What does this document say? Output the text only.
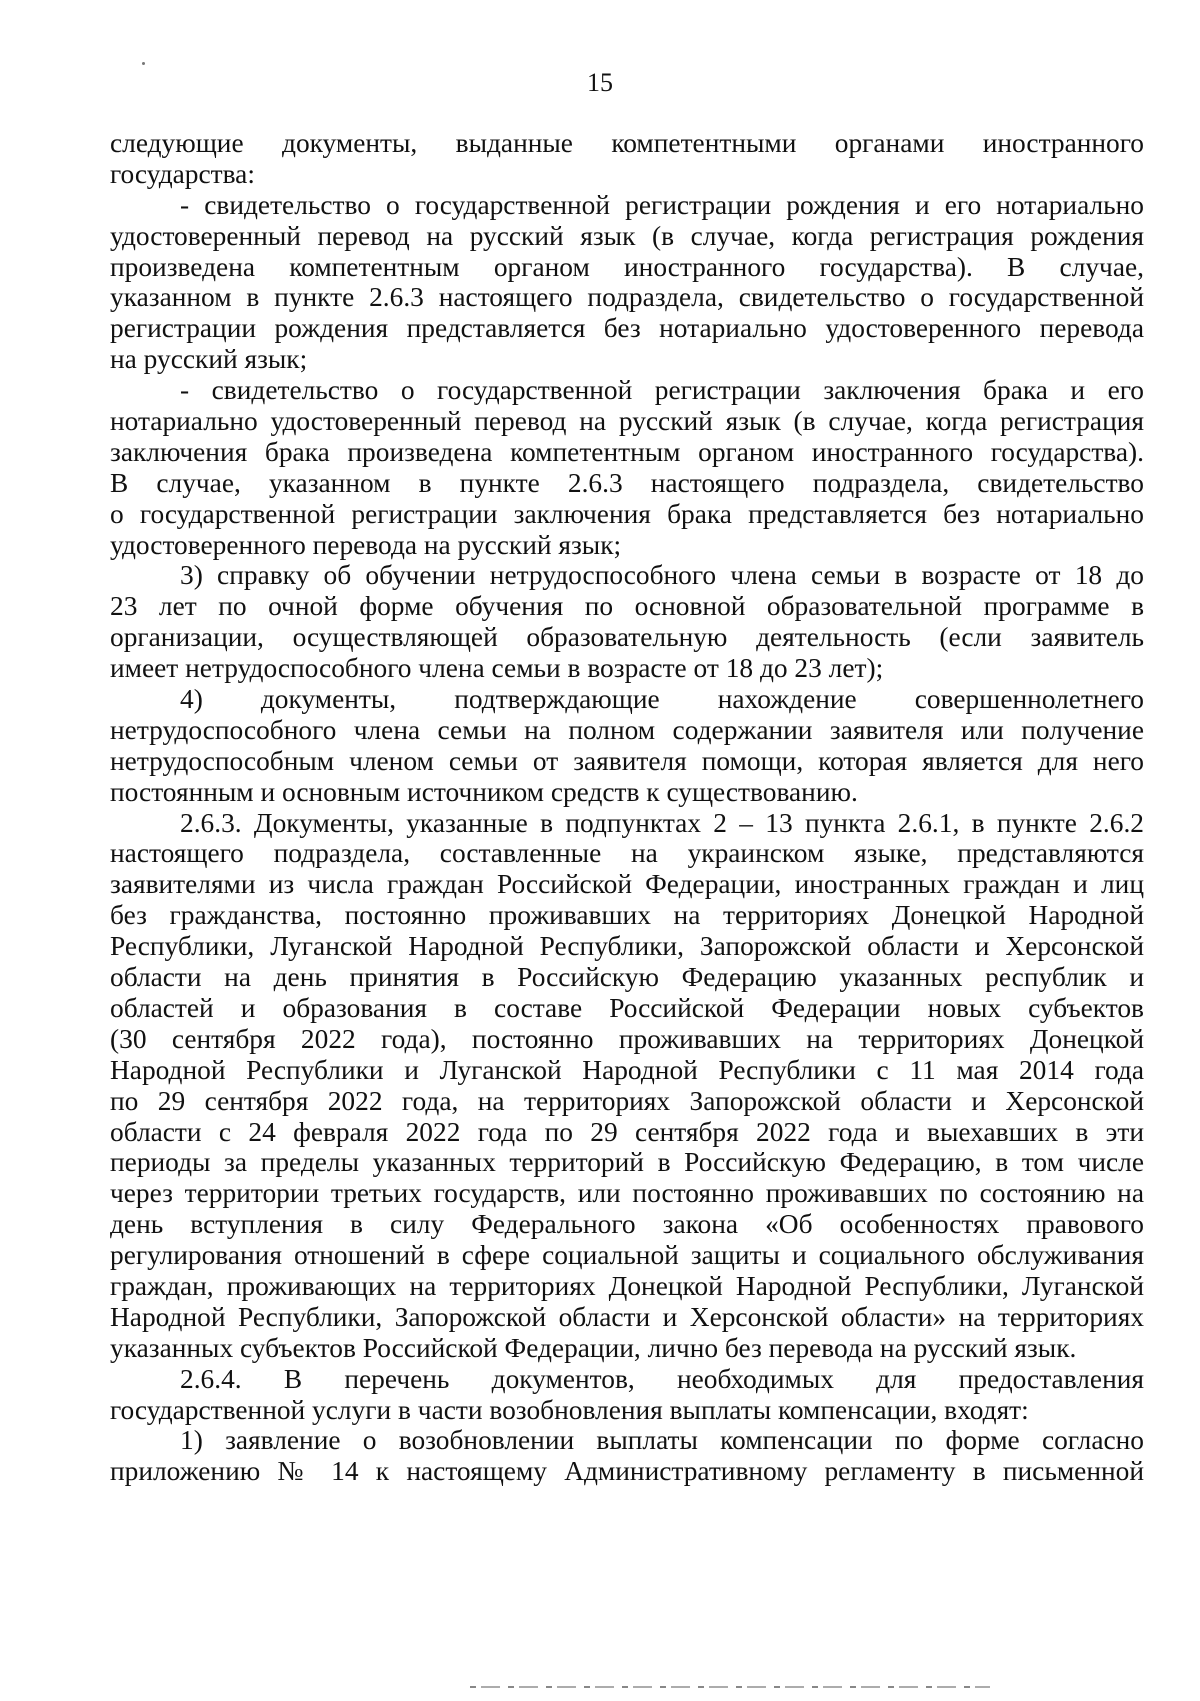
15
следующие документы, выданные компетентными органами иностранного
государства:
- свидетельство о государственной регистрации рождения и его нотариально
удостоверенный перевод на русский язык (в случае, когда регистрация рождения
произведена компетентным органом иностранного государства). В случае,
указанном в пункте 2.6.3 настоящего подраздела, свидетельство о государственной
регистрации рождения представляется без нотариально удостоверенного перевода
на русский язык;
- свидетельство о государственной регистрации заключения брака и его
нотариально удостоверенный перевод на русский язык (в случае, когда регистрация
заключения брака произведена компетентным органом иностранного государства).
В случае, указанном в пункте 2.6.3 настоящего подраздела, свидетельство
о государственной регистрации заключения брака представляется без нотариально
удостоверенного перевода на русский язык;
3) справку об обучении нетрудоспособного члена семьи в возрасте от 18 до
23 лет по очной форме обучения по основной образовательной программе в
организации, осуществляющей образовательную деятельность (если заявитель
имеет нетрудоспособного члена семьи в возрасте от 18 до 23 лет);
4) документы, подтверждающие нахождение совершеннолетнего
нетрудоспособного члена семьи на полном содержании заявителя или получение
нетрудоспособным членом семьи от заявителя помощи, которая является для него
постоянным и основным источником средств к существованию.
2.6.3. Документы, указанные в подпунктах 2 – 13 пункта 2.6.1, в пункте 2.6.2
настоящего подраздела, составленные на украинском языке, представляются
заявителями из числа граждан Российской Федерации, иностранных граждан и лиц
без гражданства, постоянно проживавших на территориях Донецкой Народной
Республики, Луганской Народной Республики, Запорожской области и Херсонской
области на день принятия в Российскую Федерацию указанных республик и
областей и образования в составе Российской Федерации новых субъектов
(30 сентября 2022 года), постоянно проживавших на территориях Донецкой
Народной Республики и Луганской Народной Республики с 11 мая 2014 года
по 29 сентября 2022 года, на территориях Запорожской области и Херсонской
области с 24 февраля 2022 года по 29 сентября 2022 года и выехавших в эти
периоды за пределы указанных территорий в Российскую Федерацию, в том числе
через территории третьих государств, или постоянно проживавших по состоянию на
день вступления в силу Федерального закона «Об особенностях правового
регулирования отношений в сфере социальной защиты и социального обслуживания
граждан, проживающих на территориях Донецкой Народной Республики, Луганской
Народной Республики, Запорожской области и Херсонской области» на территориях
указанных субъектов Российской Федерации, лично без перевода на русский язык.
2.6.4. В перечень документов, необходимых для предоставления
государственной услуги в части возобновления выплаты компенсации, входят:
1) заявление о возобновлении выплаты компенсации по форме согласно
приложению № 14 к настоящему Административному регламенту в письменной
